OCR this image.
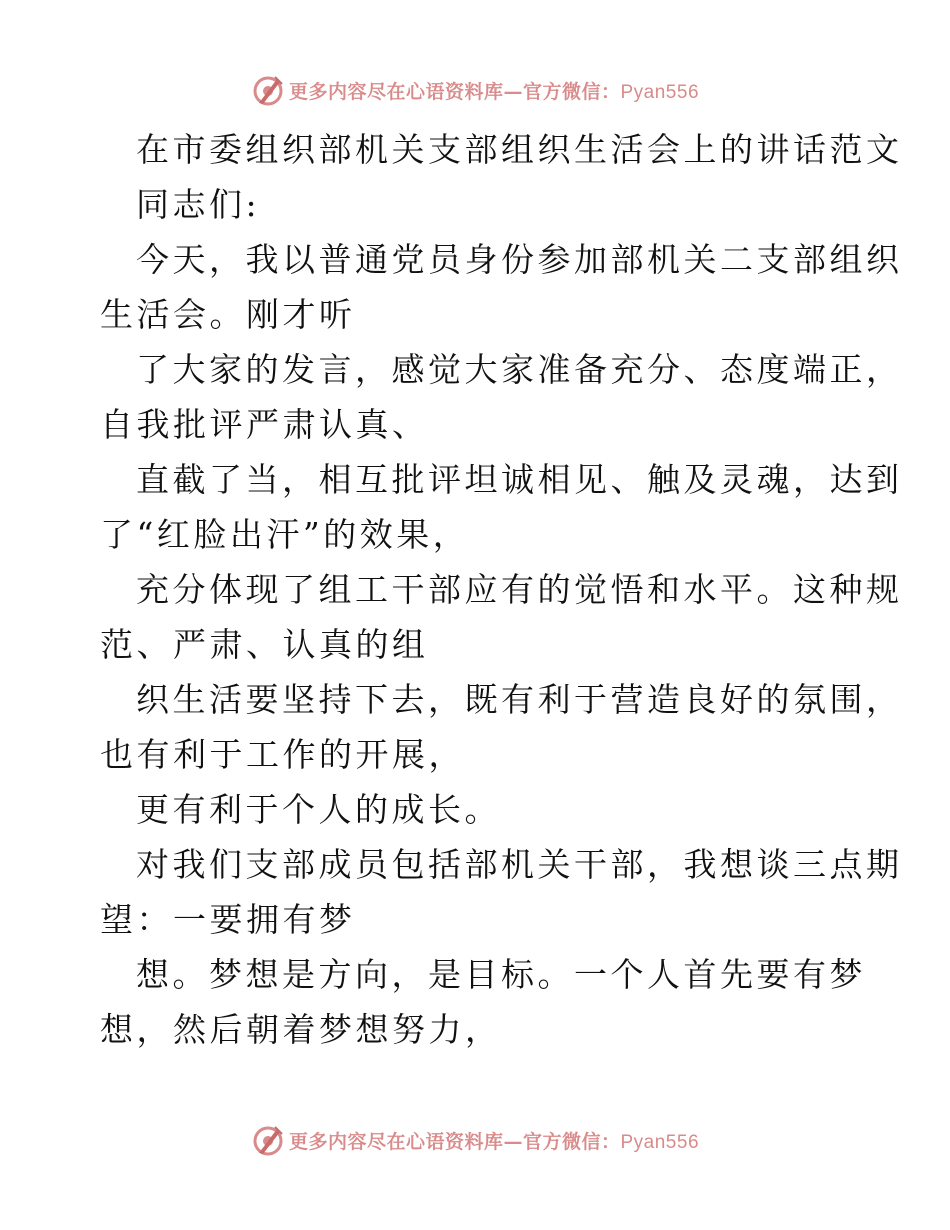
更多内容尽在心语资料库—官方微信：Pyan556
在市委组织部机关支部组织生活会上的讲话范文
同志们:
今天，我以普通党员身份参加部机关二支部组织
生活会。刚才听
了大家的发言，感觉大家准备充分、态度端正，
自我批评严肃认真、
直截了当，相互批评坦诚相见、触及灵魂，达到
了“红脸出汗”的效果，
充分体现了组工干部应有的觉悟和水平。这种规
范、严肃、认真的组
织生活要坚持下去，既有利于营造良好的氛围，
也有利于工作的开展，
更有利于个人的成长。
对我们支部成员包括部机关干部，我想谈三点期
望：一要拥有梦
想。梦想是方向，是目标。一个人首先要有梦
想，然后朝着梦想努力，
更多内容尽在心语资料库—官方微信：Pyan556
